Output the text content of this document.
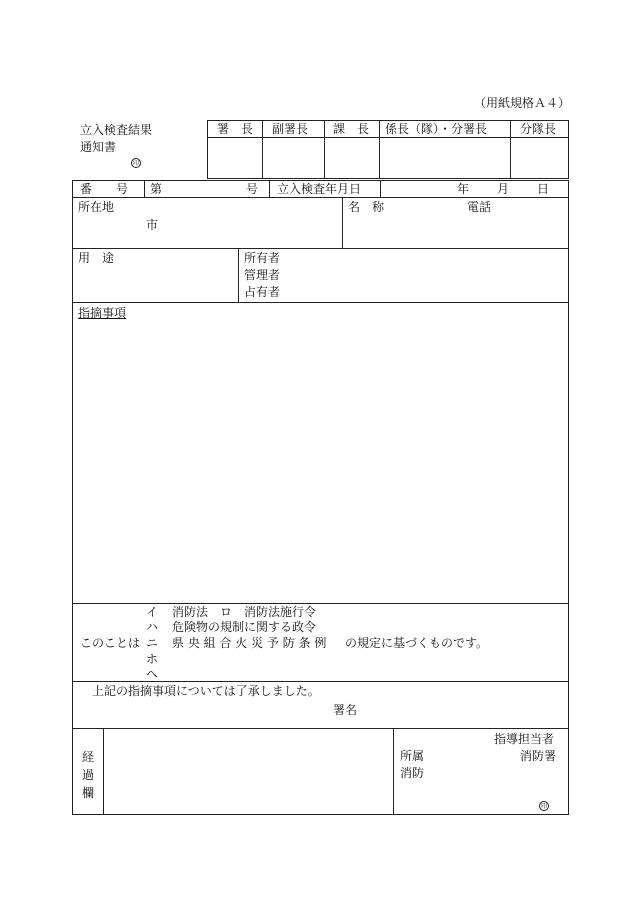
（用紙規格Ａ４）
立入検査結果
通知書
印
署　長	副署長 課　長 係長（隊）・分署長	分隊長
番　　号 第	号 立入検査年月日	年 月 日
所在地
市
名　称	電話
用　途	所有者
管理者
占有者
指摘事項
イ 消防法　ロ　消防法施行令
ハ 危険物の規制に関する政令
このことは ニ 県 央 組 合 火 災 予 防 条 例 の規定に基づくものです。
ホ
へ
上記の指摘事項については了承しました。
署名
経
過
欄
指導担当者
所属	消防署
消防
印
